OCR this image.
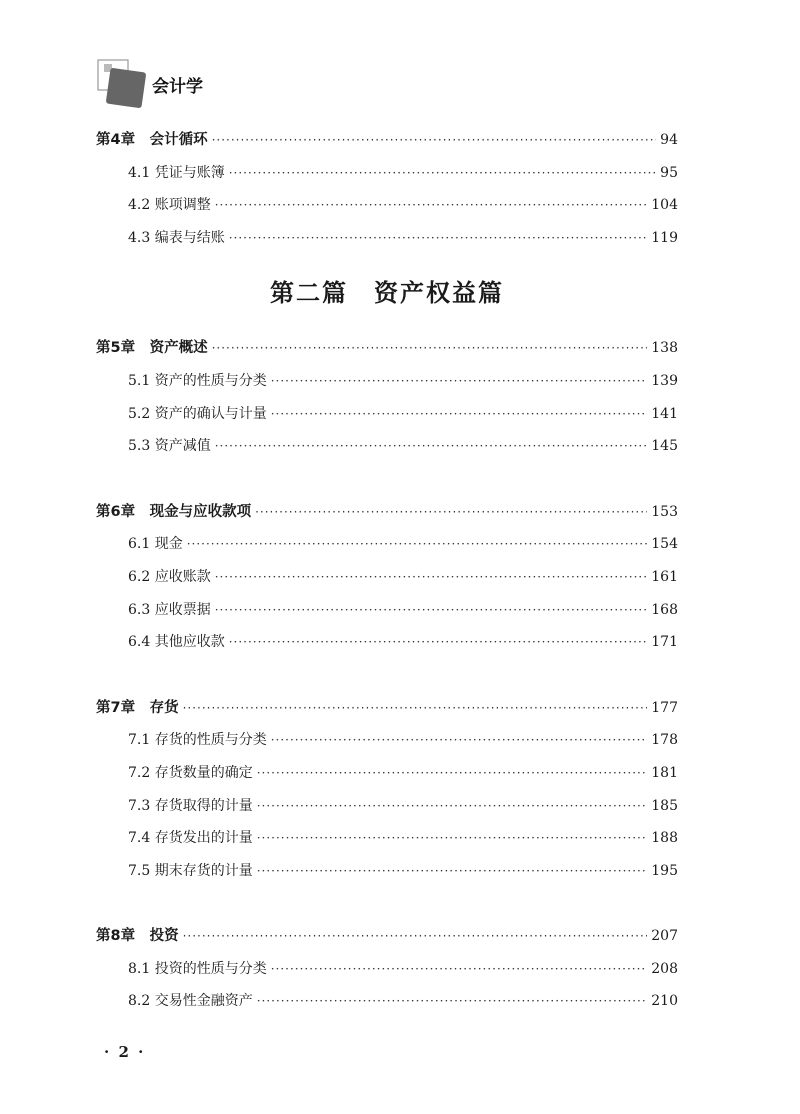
会计学
第4章　会计循环 ·····	94
4.1 凭证与账簿 ·····	95
4.2 账项调整 ·····	104
4.3 编表与结账 ·····	119
第二篇　资产权益篇
第5章　资产概述 ·····	138
5.1 资产的性质与分类 ·····	139
5.2 资产的确认与计量 ·····	141
5.3 资产减值 ·····	145
第6章　现金与应收款项 ·····	153
6.1 现金 ·····	154
6.2 应收账款 ·····	161
6.3 应收票据 ·····	168
6.4 其他应收款 ·····	171
第7章　存货 ·····	177
7.1 存货的性质与分类 ·····	178
7.2 存货数量的确定 ·····	181
7.3 存货取得的计量 ·····	185
7.4 存货发出的计量 ·····	188
7.5 期末存货的计量 ·····	195
第8章　投资 ·····	207
8.1 投资的性质与分类 ·····	208
8.2 交易性金融资产 ·····	210
· 2 ·
